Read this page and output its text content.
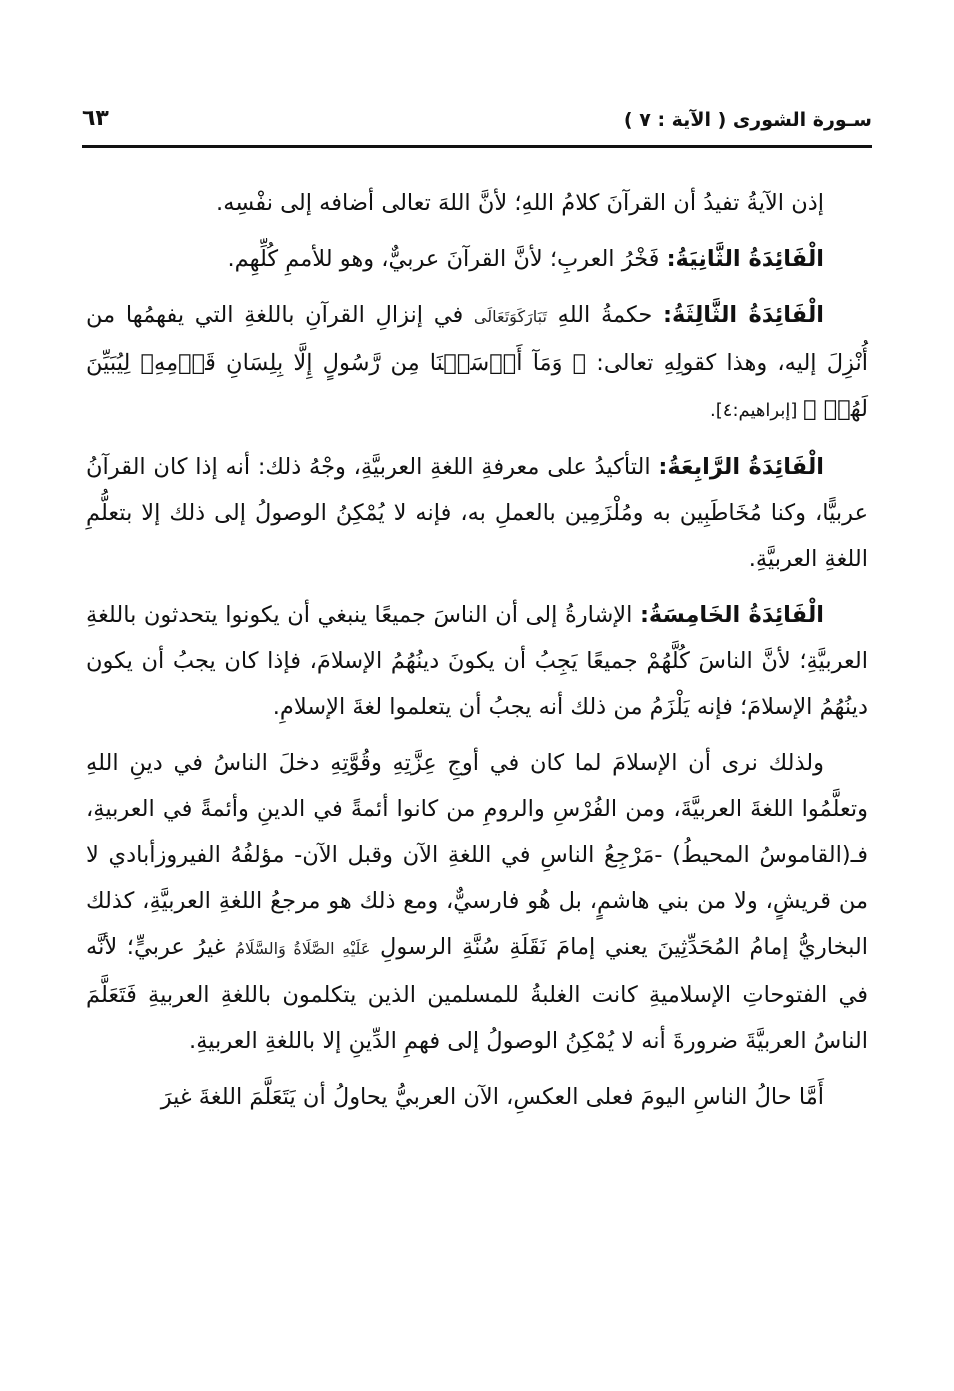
سـورة الشورى ( الآية : ٧ )
٦٣

إذن الآيةُ تفيدُ أن القرآنَ كلامُ اللهِ؛ لأنَّ اللهَ تعالى أضافه إلى نفْسِه.

الْفَائِدَةُ الثَّانِيَةُ: فَخْرُ العربِ؛ لأنَّ القرآنَ عربيٌّ، وهو للأممِ كُلِّهِم.

الْفَائِدَةُ الثَّالِثَةُ: حكمةُ اللهِ تَبَارَكَوَتَعَالَى في إنزالِ القرآنِ باللغةِ التي يفهمُها من أُنْزِلَ إليه، وهذا كقولِهِ تعالى: ﴿ وَمَآ أَرۡسَلۡنَا مِن رَّسُولٍ إِلَّا بِلِسَانِ قَوۡمِهِۦ لِيُبَيِّنَ لَهُمۡ ﴾ [إبراهيم:٤].

الْفَائِدَةُ الرَّابِعَةُ: التأكيدُ على معرفةِ اللغةِ العربيَّةِ، وجْهُ ذلك: أنه إذا كان القرآنُ عربيًّا، وكنا مُخَاطَبِين به ومُلْزَمِين بالعملِ به، فإنه لا يُمْكِنُ الوصولُ إلى ذلك إلا بتعلُّمِ اللغةِ العربيَّةِ.

الْفَائِدَةُ الخَامِسَةُ: الإشارةُ إلى أن الناسَ جميعًا ينبغي أن يكونوا يتحدثون باللغةِ العربيَّةِ؛ لأنَّ الناسَ كُلَّهُمْ جميعًا يَجِبُ أن يكونَ دينُهُمُ الإسلامَ، فإذا كان يجبُ أن يكون دينُهُمُ الإسلامَ؛ فإنه يَلْزَمُ من ذلك أنه يجبُ أن يتعلموا لغةَ الإسلامِ.

ولذلك نرى أن الإسلامَ لما كان في أوجِ عِزَّتِهِ وقُوَّتِهِ دخلَ الناسُ في دينِ اللهِ وتعلَّمُوا اللغةَ العربيَّةَ، ومن الفُرْسِ والرومِ من كانوا أئمةً في الدينِ وأئمةً في العربيةِ، فـ(القاموسُ المحيطُ) -مَرْجِعُ الناسِ في اللغةِ الآن وقبل الآن- مؤلفُهُ الفيروزأبادي لا من قريشٍ، ولا من بني هاشمٍ، بل هُو فارسيٌّ، ومع ذلك هو مرجعُ اللغةِ العربيَّةِ، كذلك البخاريُّ إمامُ المُحَدِّثِينَ يعني إمامَ نَقَلَةِ سُنَّةِ الرسولِ عَلَيْهِ الصَّلَاةُ وَالسَّلَامُ غيرُ عربيٍّ؛ لأنَّه في الفتوحاتِ الإسلاميةِ كانت الغلبةُ للمسلمين الذين يتكلمون باللغةِ العربيةِ فَتَعَلَّمَ الناسُ العربيَّةَ ضرورةَ أنه لا يُمْكِنُ الوصولُ إلى فهمِ الدِّينِ إلا باللغةِ العربيةِ.

أَمَّا حالُ الناسِ اليومَ فعلى العكسِ، الآن العربيُّ يحاولُ أن يَتَعَلَّمَ اللغةَ غيرَ
